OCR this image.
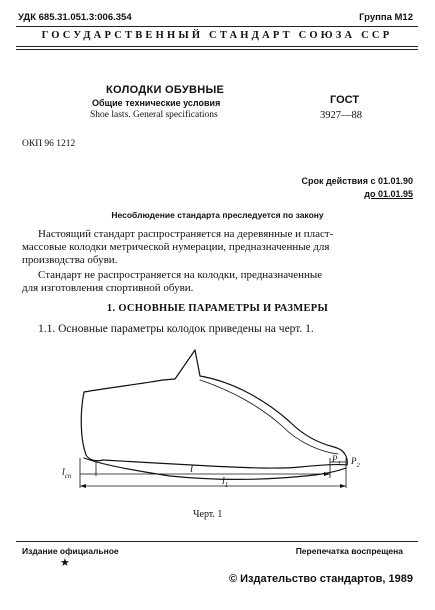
УДК 685.31.051.3:006.354	Группа М12
ГОСУДАРСТВЕННЫЙ СТАНДАРТ СОЮЗА ССР
КОЛОДКИ ОБУВНЫЕ
Общие технические условия
Shoe lasts. General specifications
ГОСТ
3927—88
ОКП 96 1212
Срок действия с 01.01.90
до 01.01.95
Несоблюдение стандарта преследуется по закону
Настоящий стандарт распространяется на деревянные и пласт-
массовые колодки метрической нумерации, предназначенные для
производства обуви.
Стандарт не распространяется на колодки, предназначенные
для изготовления спортивной обуви.
1. ОСНОВНЫЕ ПАРАМЕТРЫ И РАЗМЕРЫ
1.1. Основные параметры колодок приведены на черт. 1.
$l_{сп}$
l
$l_1$
$P_1$ $P_2$
Черт. 1
Издание официальное
★
Перепечатка воспрещена
© Издательство стандартов, 1989
